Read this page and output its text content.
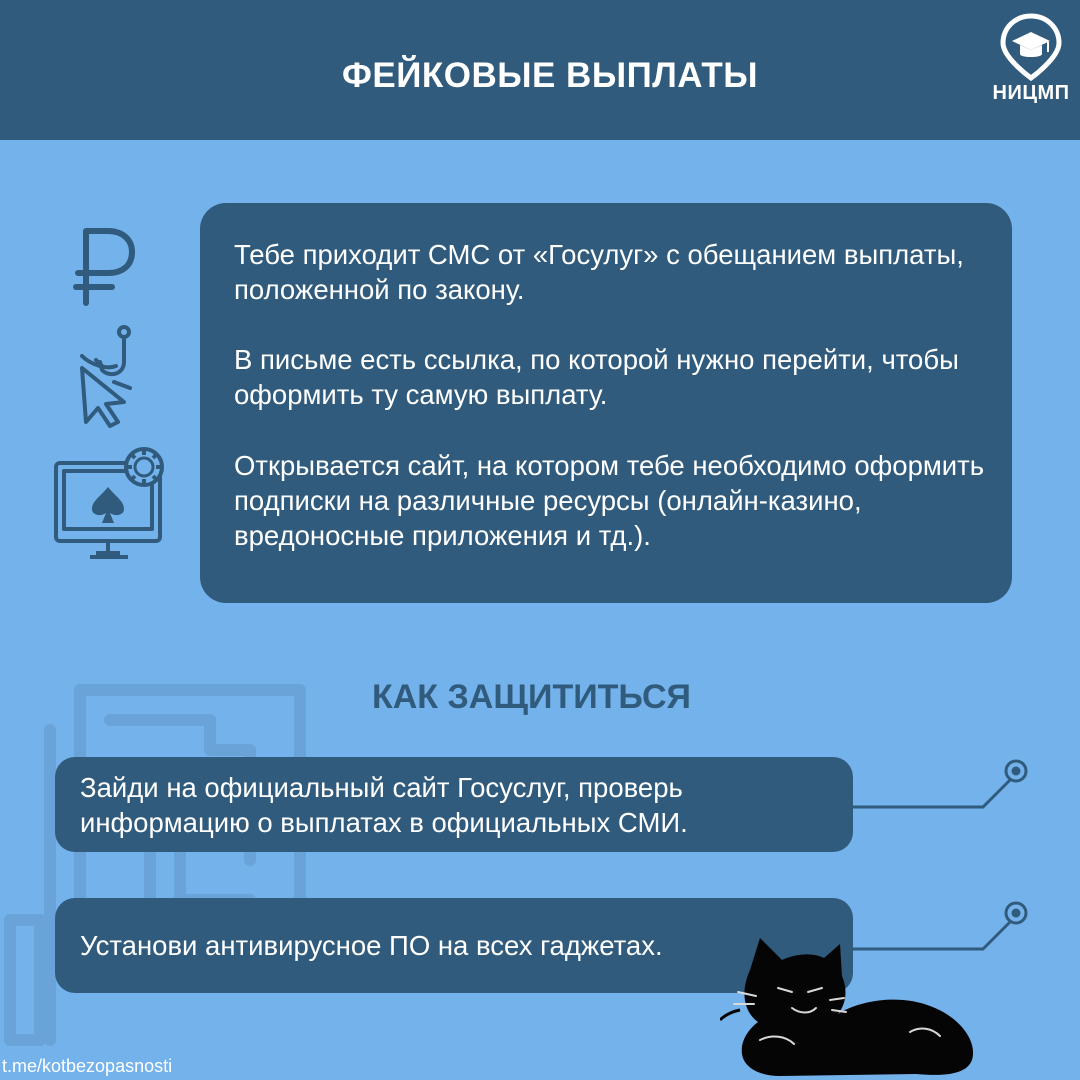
ФЕЙКОВЫЕ ВЫПЛАТЫ	НИЦМП
Тебе приходит СМС от «Госулуг» с обещанием выплаты, положенной по закону.
В письме есть ссылка, по которой нужно перейти, чтобы оформить ту самую выплату.
Открывается сайт, на котором тебе необходимо оформить подписки на различные ресурсы (онлайн-казино, вредоносные приложения и тд.).
КАК ЗАЩИТИТЬСЯ
Зайди на официальный сайт Госуслуг, проверь информацию о выплатах в официальных СМИ.
Установи антивирусное ПО на всех гаджетах.
t.me/kotbezopasnosti
